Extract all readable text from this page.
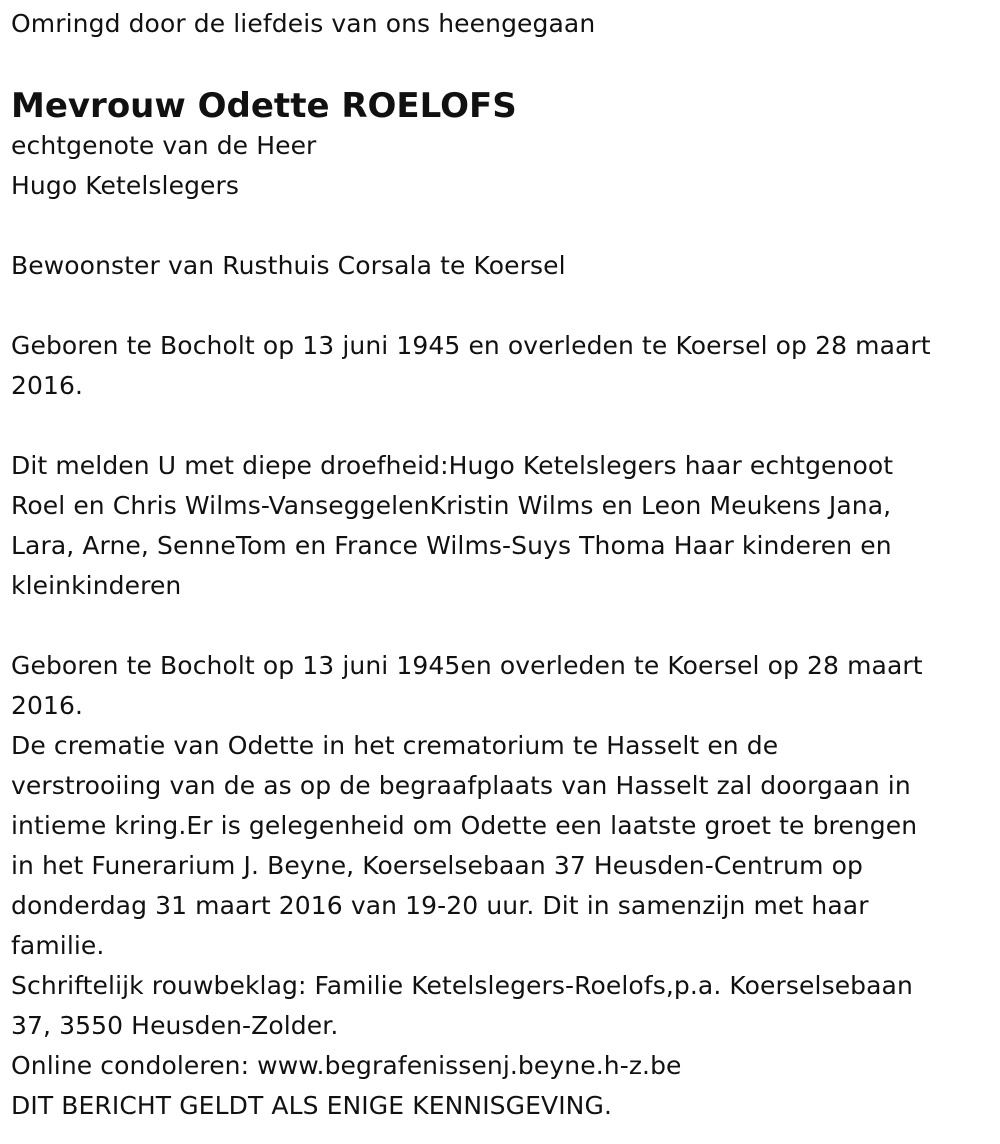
Omringd door de liefdeis van ons heengegaan
Mevrouw Odette ROELOFS
echtgenote van de Heer
Hugo Ketelslegers
Bewoonster van Rusthuis Corsala te Koersel
Geboren te Bocholt op 13 juni 1945 en overleden te Koersel op 28 maart
2016.
Dit melden U met diepe droefheid:Hugo Ketelslegers haar echtgenoot
Roel en Chris Wilms-VanseggelenKristin Wilms en Leon Meukens Jana,
Lara, Arne, SenneTom en France Wilms-Suys Thoma Haar kinderen en
kleinkinderen
Geboren te Bocholt op 13 juni 1945en overleden te Koersel op 28 maart
2016.
De crematie van Odette in het crematorium te Hasselt en de
verstrooiing van de as op de begraafplaats van Hasselt zal doorgaan in
intieme kring.Er is gelegenheid om Odette een laatste groet te brengen
in het Funerarium J. Beyne, Koerselsebaan 37 Heusden-Centrum op
donderdag 31 maart 2016 van 19-20 uur. Dit in samenzijn met haar
familie.
Schriftelijk rouwbeklag: Familie Ketelslegers-Roelofs,p.a. Koerselsebaan
37, 3550 Heusden-Zolder.
Online condoleren: www.begrafenissenj.beyne.h-z.be
DIT BERICHT GELDT ALS ENIGE KENNISGEVING.
